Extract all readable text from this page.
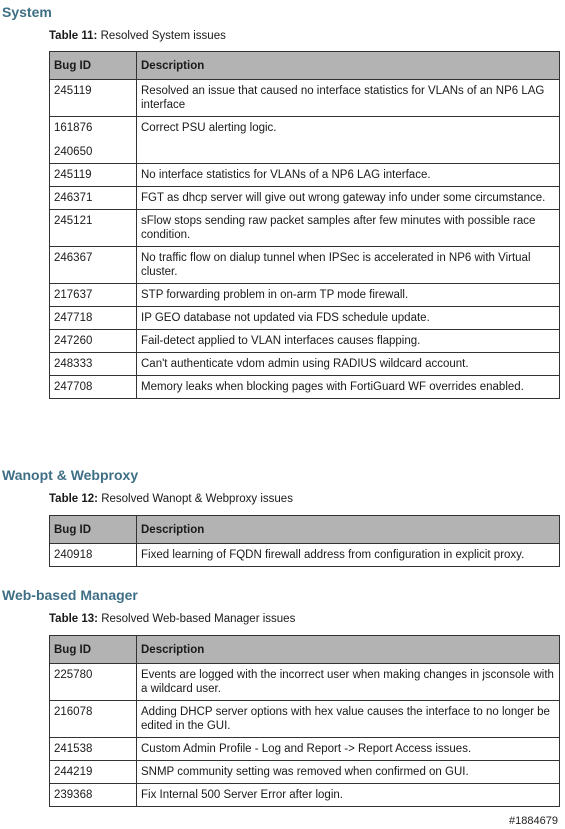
System

Table 11: Resolved System issues

Bug ID	Description

245119	Resolved an issue that caused no interface statistics for VLANs of an NP6 LAG interface

161876
240650	Correct PSU alerting logic.

245119	No interface statistics for VLANs of a NP6 LAG interface.

246371	FGT as dhcp server will give out wrong gateway info under some circumstance.

245121	sFlow stops sending raw packet samples after few minutes with possible race condition.

246367	No traffic flow on dialup tunnel when IPSec is accelerated in NP6 with Virtual cluster.

217637	STP forwarding problem in on-arm TP mode firewall.

247718	IP GEO database not updated via FDS schedule update.

247260	Fail-detect applied to VLAN interfaces causes flapping.

248333	Can't authenticate vdom admin using RADIUS wildcard account.

247708	Memory leaks when blocking pages with FortiGuard WF overrides enabled.
Wanopt & Webproxy

Table 12: Resolved Wanopt & Webproxy issues

Bug ID	Description

240918	Fixed learning of FQDN firewall address from configuration in explicit proxy.
Web-based Manager

Table 13: Resolved Web-based Manager issues

Bug ID	Description

225780	Events are logged with the incorrect user when making changes in jsconsole with a wildcard user.

216078	Adding DHCP server options with hex value causes the interface to no longer be edited in the GUI.

241538	Custom Admin Profile - Log and Report -> Report Access issues.

244219	SNMP community setting was removed when confirmed on GUI.

239368	Fix Internal 500 Server Error after login.
#1884679
